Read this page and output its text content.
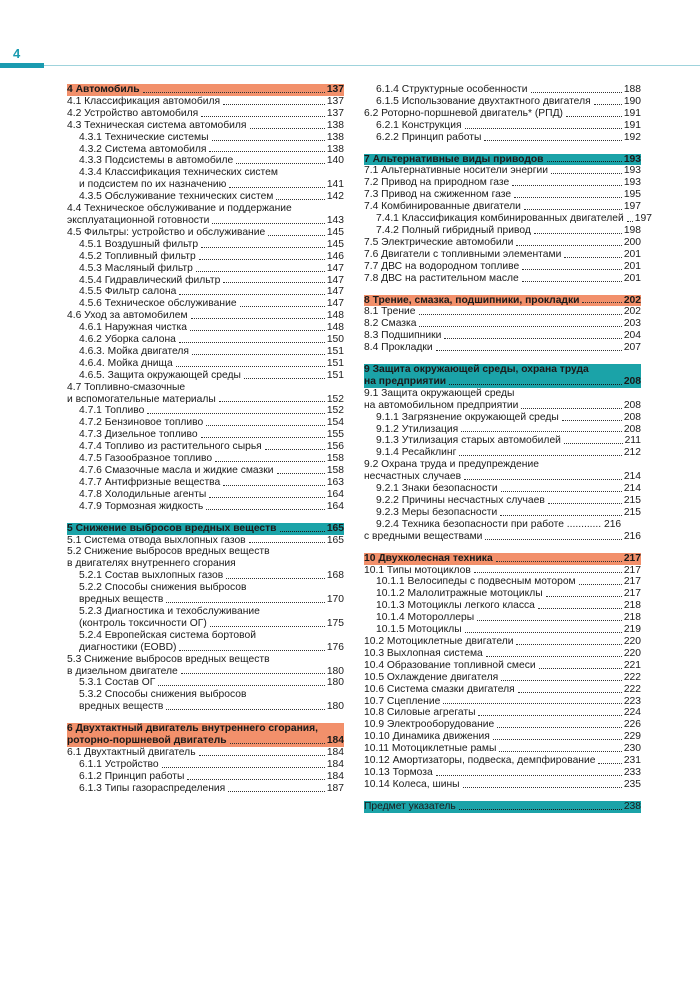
4
4 Автомобиль	137
4.1 Классификация автомобиля	137
4.2 Устройство автомобиля	137
4.3 Техническая система автомобиля	138
4.3.1 Технические системы	138
4.3.2 Система автомобиля	138
4.3.3 Подсистемы в автомобиле	140
4.3.4 Классификация технических систем
и подсистем по их назначению	141
4.3.5 Обслуживание технических систем	142
4.4 Техническое обслуживание и поддержание
эксплуатационной готовности	143
4.5 Фильтры: устройство и обслуживание	145
4.5.1 Воздушный фильтр	145
4.5.2 Топливный фильтр	146
4.5.3 Масляный фильтр	147
4.5.4 Гидравлический фильтр	147
4.5.5 Фильтр салона	147
4.5.6 Техническое обслуживание	147
4.6 Уход за автомобилем	148
4.6.1 Наружная чистка	148
4.6.2 Уборка салона	150
4.6.3. Мойка двигателя	151
4.6.4. Мойка днища	151
4.6.5. Защита окружающей среды	151
4.7 Топливно-смазочные
и вспомогательные материалы	152
4.7.1 Топливо	152
4.7.2 Бензиновое топливо	154
4.7.3 Дизельное топливо	155
4.7.4 Топливо из растительного сырья	156
4.7.5 Газообразное топливо	158
4.7.6 Смазочные масла и жидкие смазки	158
4.7.7 Антифризные вещества	163
4.7.8 Холодильные агенты	164
4.7.9 Тормозная жидкость	164
5 Снижение выбросов вредных веществ	165
5.1 Система отвода выхлопных газов	165
5.2 Снижение выбросов вредных веществ
в двигателях внутреннего сгорания
5.2.1 Состав выхлопных газов	168
5.2.2 Способы снижения выбросов
вредных веществ	170
5.2.3 Диагностика и техобслуживание
(контроль токсичности ОГ)	175
5.2.4 Европейская система бортовой
диагностики (EOBD)	176
5.3 Снижение выбросов вредных веществ
в дизельном двигателе	180
5.3.1 Состав ОГ	180
5.3.2 Способы снижения выбросов
вредных веществ	180
6 Двухтактный двигатель внутреннего сгорания,
роторно-поршневой двигатель	184
6.1 Двухтактный двигатель	184
6.1.1 Устройство	184
6.1.2 Принцип работы	184
6.1.3 Типы газораспределения	187
6.1.4 Структурные особенности	188
6.1.5 Использование двухтактного двигателя	190
6.2 Роторно-поршневой двигатель* (РПД)	191
6.2.1 Конструкция	191
6.2.2 Принцип работы	192
7 Альтернативные виды приводов	193
7.1 Альтернативные носители энергии	193
7.2 Привод на природном газе	193
7.3 Привод на сжиженном газе	195
7.4 Комбинированные двигатели	197
7.4.1 Классификация комбинированных двигателей 197
7.4.2 Полный гибридный привод	198
7.5 Электрические автомобили	200
7.6 Двигатели с топливными элементами	201
7.7 ДВС на водородном топливе	201
7.8 ДВС на растительном масле	201
8 Трение, смазка, подшипники, прокладки	202
8.1 Трение	202
8.2 Смазка	203
8.3 Подшипники	204
8.4 Прокладки	207
9 Защита окружающей среды, охрана труда
на предприятии	208
9.1 Защита окружающей среды
на автомобильном предприятии	208
9.1.1 Загрязнение окружающей среды	208
9.1.2 Утилизация	208
9.1.3 Утилизация старых автомобилей	211
9.1.4 Ресайклинг	212
9.2 Охрана труда и предупреждение
несчастных случаев	214
9.2.1 Знаки безопасности	214
9.2.2 Причины несчастных случаев	215
9.2.3 Меры безопасности	215
9.2.4 Техника безопасности при работе ............ 216
с вредными веществами	216
10 Двухколесная техника	217
10.1 Типы мотоциклов	217
10.1.1 Велосипеды с подвесным мотором	217
10.1.2 Малолитражные мотоциклы	217
10.1.3 Мотоциклы легкого класса	218
10.1.4 Мотороллеры	218
10.1.5 Мотоциклы	219
10.2 Мотоциклетные двигатели	220
10.3 Выхлопная система	220
10.4 Образование топливной смеси	221
10.5 Охлаждение двигателя	222
10.6 Система смазки двигателя	222
10.7 Сцепление	223
10.8 Силовые агрегаты	224
10.9 Электрооборудование	226
10.10 Динамика движения	229
10.11 Мотоциклетные рамы	230
10.12 Амортизаторы, подвеска, демпфирование	231
10.13 Тормоза	233
10.14 Колеса, шины	235
Предмет указатель	238
